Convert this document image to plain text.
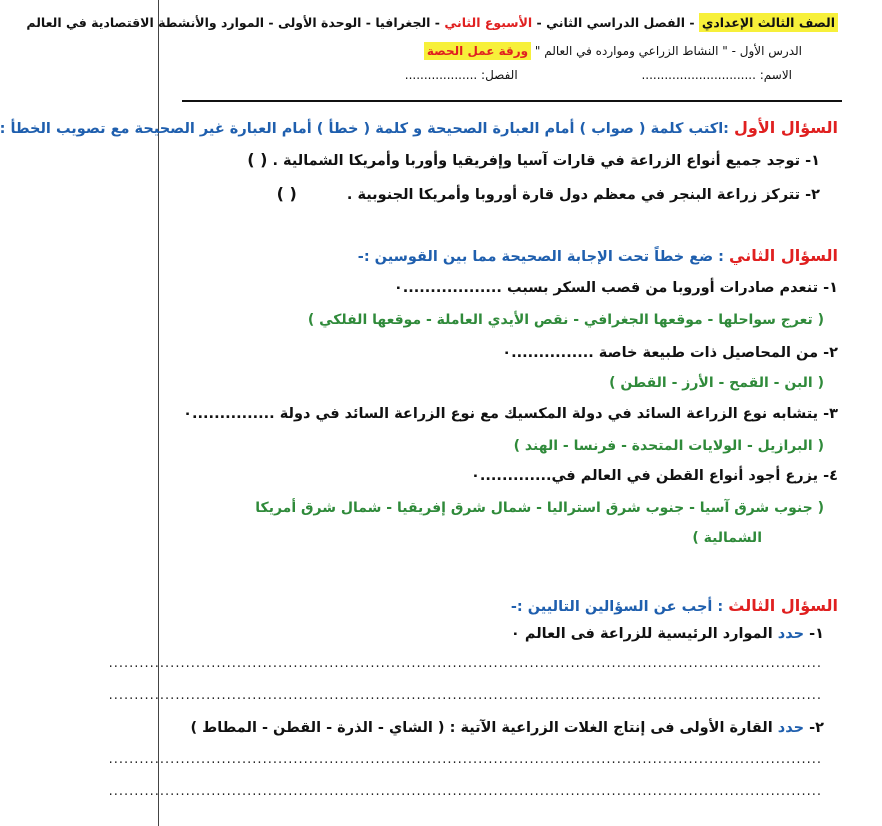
الصف الثالث الإعدادي - الفصل الدراسي الثاني - الأسبوع الثاني - الجغرافيا - الوحدة الأولى - الموارد والأنشطة الاقتصادية في العالم
الدرس الأول - " النشاط الزراعي وموارده في العالم " ورقة عمل الحصة
الاسم: .............................. الفصل: ...................
السؤال الأول :اكتب كلمة ( صواب ) أمام العبارة الصحيحة و كلمة ( خطأ ) أمام العبارة غير الصحيحة مع تصويب الخطأ :
١- توجد جميع أنواع الزراعة في قارات آسيا وإفريقيا وأوربا وأمريكا الشمالية . ( )
٢- تتركز زراعة البنجر في معظم دول قارة أوروبا وأمريكا الجنوبية .  ( )
السؤال الثاني : ضع خطاً تحت الإجابة الصحيحة مما بين القوسين :-
١- تنعدم صادرات أوروبا من قصب السكر بسبب ..................٠
( تعرج سواحلها - موقعها الجغرافي - نقص الأيدي العاملة - موقعها الفلكي )
٢- من المحاصيل ذات طبيعة خاصة ...............٠
( البن - القمح - الأرز - القطن )
٣- يتشابه نوع الزراعة السائد في دولة المكسيك مع نوع الزراعة السائد في دولة ...............٠
( البرازيل - الولايات المتحدة - فرنسا - الهند )
٤- يزرع أجود أنواع القطن في العالم في.............٠
( جنوب شرق آسيا - جنوب شرق استراليا - شمال شرق إفريقيا - شمال شرق أمريكا
الشمالية )
السؤال الثالث : أجب عن السؤالين التاليين :-
١- حدد الموارد الرئيسية للزراعة فى العالم ٠
...........................................................................................................................................
...........................................................................................................................................
٢- حدد القارة الأولى فى إنتاج الغلات الزراعية الآتية : ( الشاي - الذرة - القطن - المطاط )
...........................................................................................................................................
...........................................................................................................................................
